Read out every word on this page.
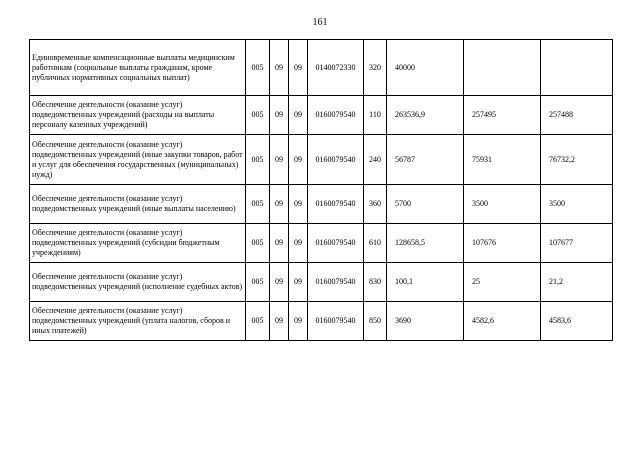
161
Единовременные компенсационные выплаты медицинским работникам (социальные выплаты гражданам, кроме публичных нормативных социальных выплат)	005	09	09	0140072330	320	40000		
Обеспечение деятельности (оказание услуг) подведомственных учреждений (расходы на выплаты персоналу казенных учреждений)	005	09	09	0160079540	110	263536,9	257495	257488
Обеспечение деятельности (оказание услуг) подведомственных учреждений (иные закупки товаров, работ и услуг для обеспечения государственных (муниципальных) нужд)	005	09	09	0160079540	240	56787	75931	76732,2
Обеспечение деятельности (оказание услуг) подведомственных учреждений (иные выплаты населению)	005	09	09	0160079540	360	5700	3500	3500
Обеспечение деятельности (оказание услуг) подведомственных учреждений (субсидии бюджетным учреждениям)	005	09	09	0160079540	610	128658,5	107676	107677
Обеспечение деятельности (оказание услуг) подведомственных учреждений (исполнение судебных актов)	005	09	09	0160079540	830	100,1	25	21,2
Обеспечение деятельности (оказание услуг) подведомственных учреждений (уплата налогов, сборов и иных платежей)	005	09	09	0160079540	850	3690	4582,6	4583,6
